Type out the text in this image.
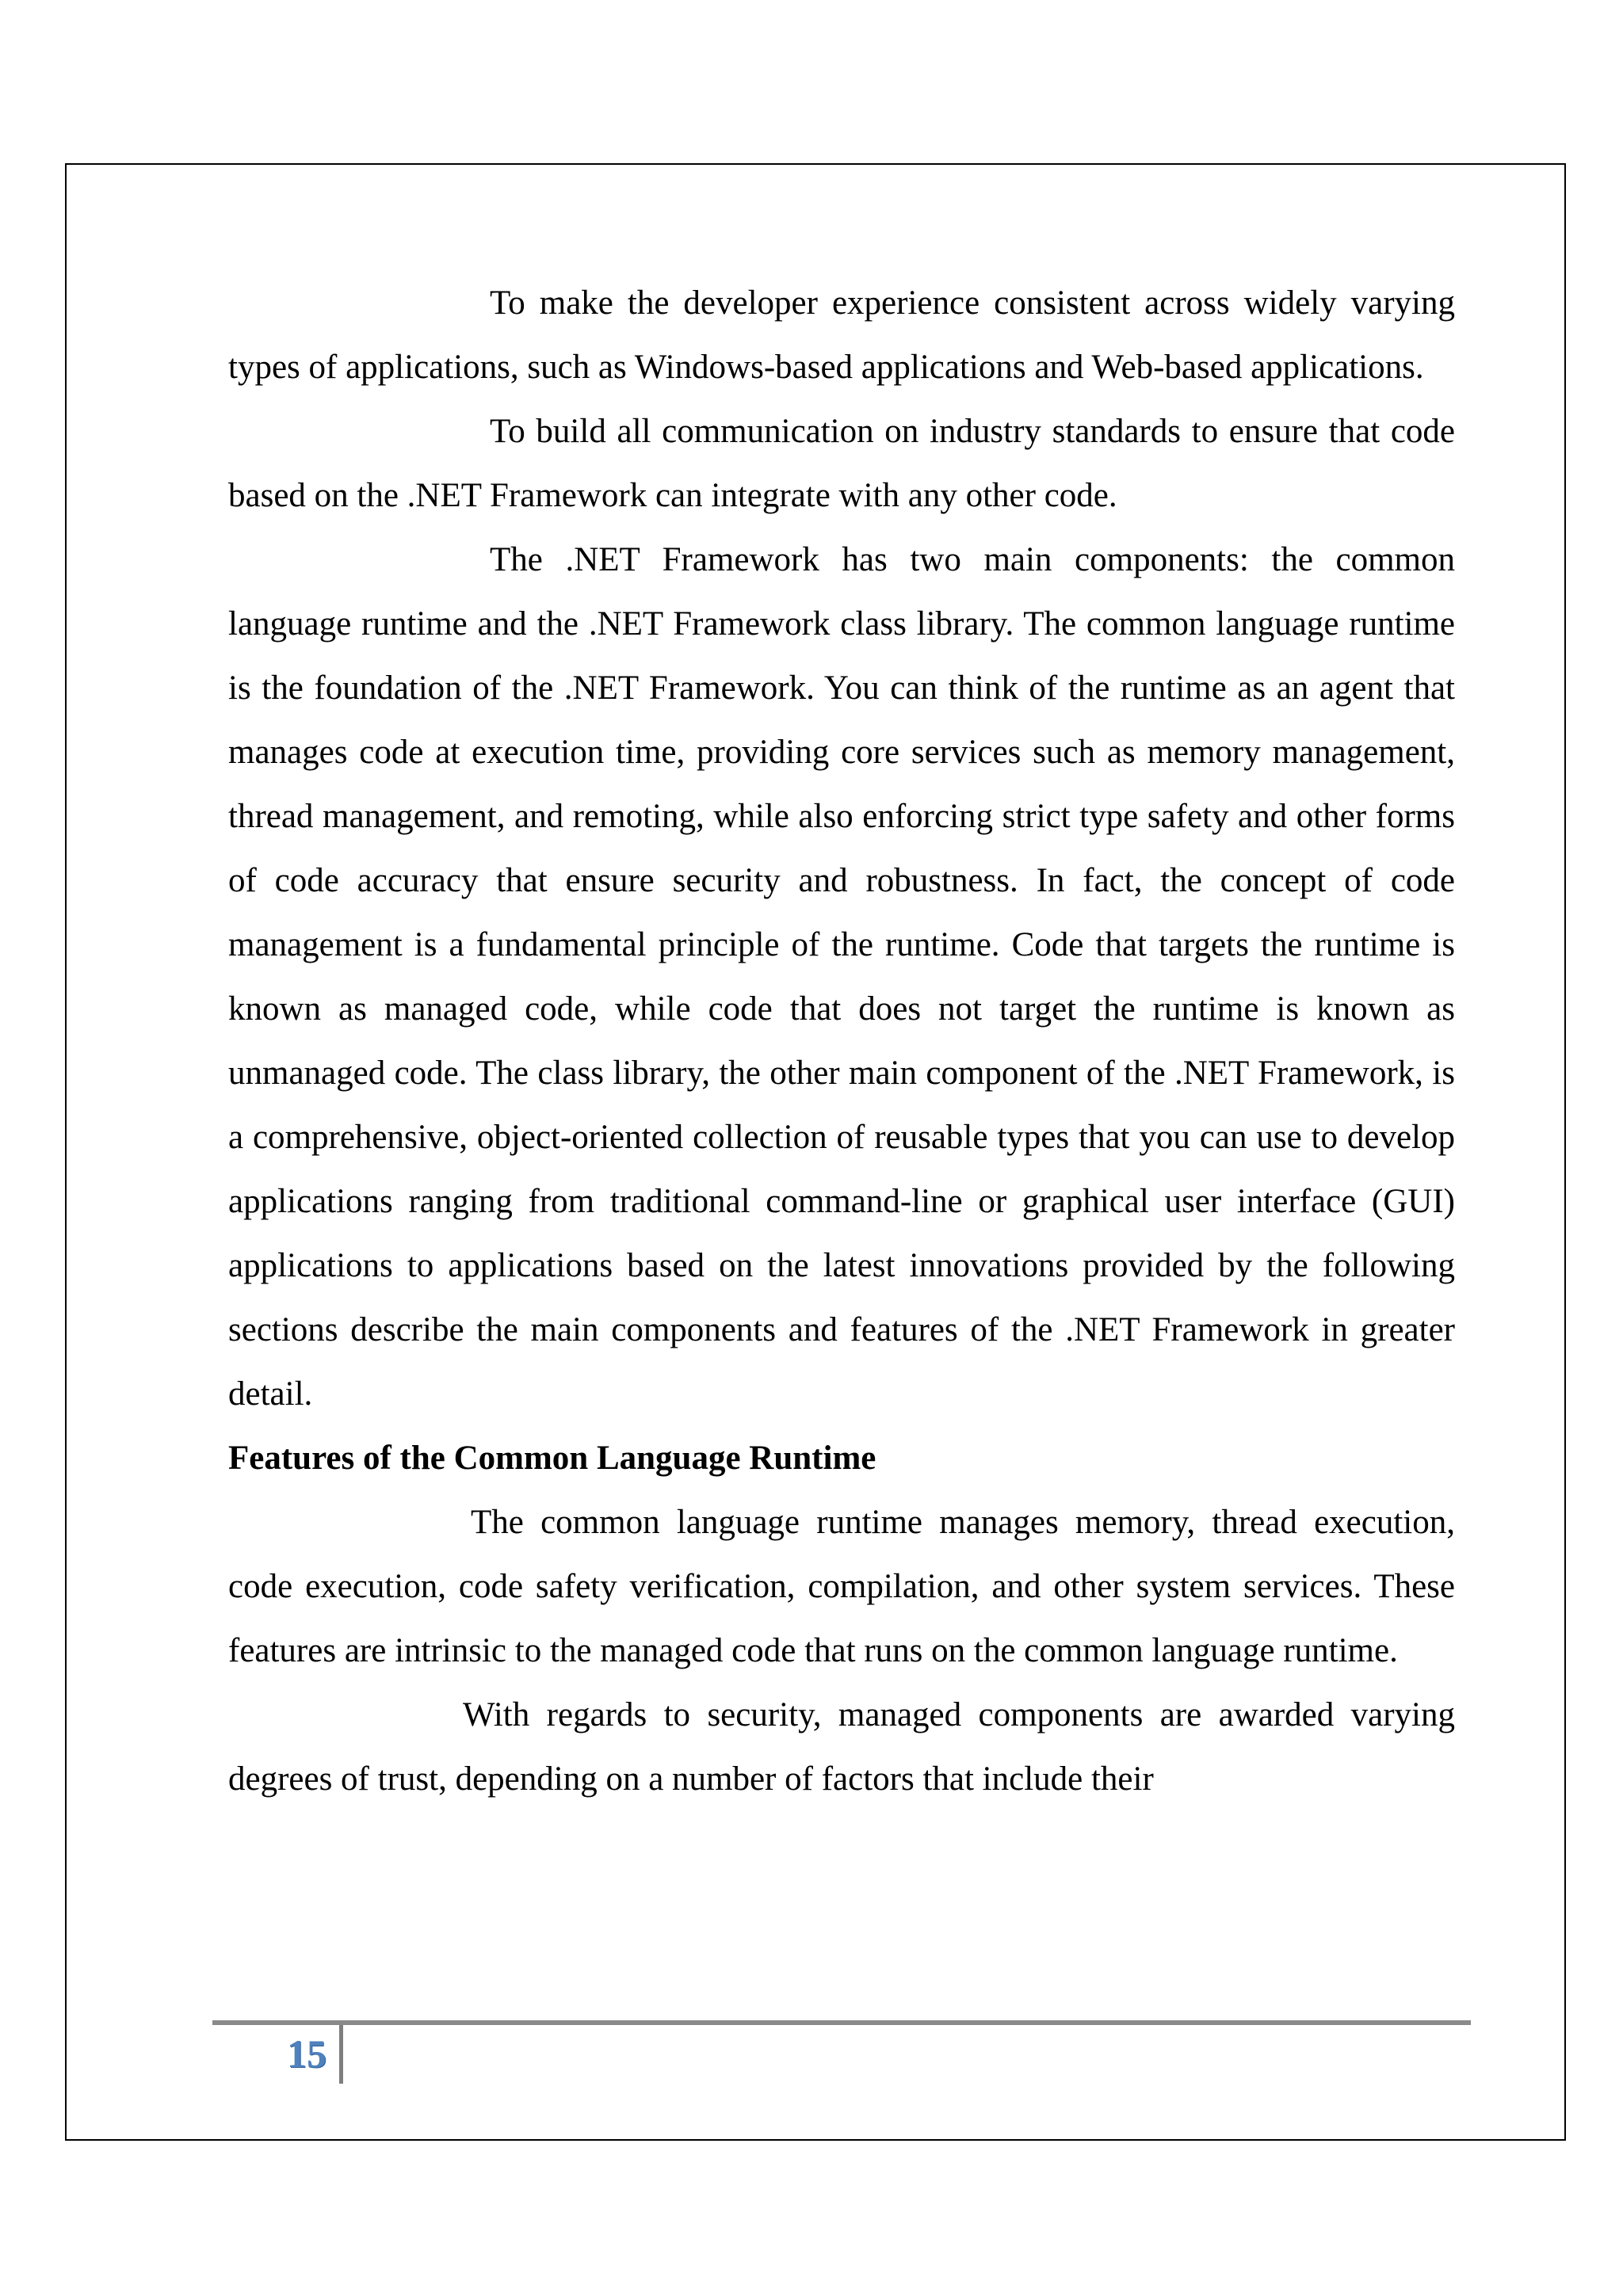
To make the developer experience consistent across widely varying types of applications, such as Windows-based applications and Web-based applications.

To build all communication on industry standards to ensure that code based on the .NET Framework can integrate with any other code.

The .NET Framework has two main components: the common language runtime and the .NET Framework class library. The common language runtime is the foundation of the .NET Framework. You can think of the runtime as an agent that manages code at execution time, providing core services such as memory management, thread management, and remoting, while also enforcing strict type safety and other forms of code accuracy that ensure security and robustness. In fact, the concept of code management is a fundamental principle of the runtime. Code that targets the runtime is known as managed code, while code that does not target the runtime is known as unmanaged code. The class library, the other main component of the .NET Framework, is a comprehensive, object-oriented collection of reusable types that you can use to develop applications ranging from traditional command-line or graphical user interface (GUI) applications to applications based on the latest innovations provided by the following sections describe the main components and features of the .NET Framework in greater detail.

Features of the Common Language Runtime

The common language runtime manages memory, thread execution, code execution, code safety verification, compilation, and other system services. These features are intrinsic to the managed code that runs on the common language runtime.

With regards to security, managed components are awarded varying degrees of trust, depending on a number of factors that include their

15
